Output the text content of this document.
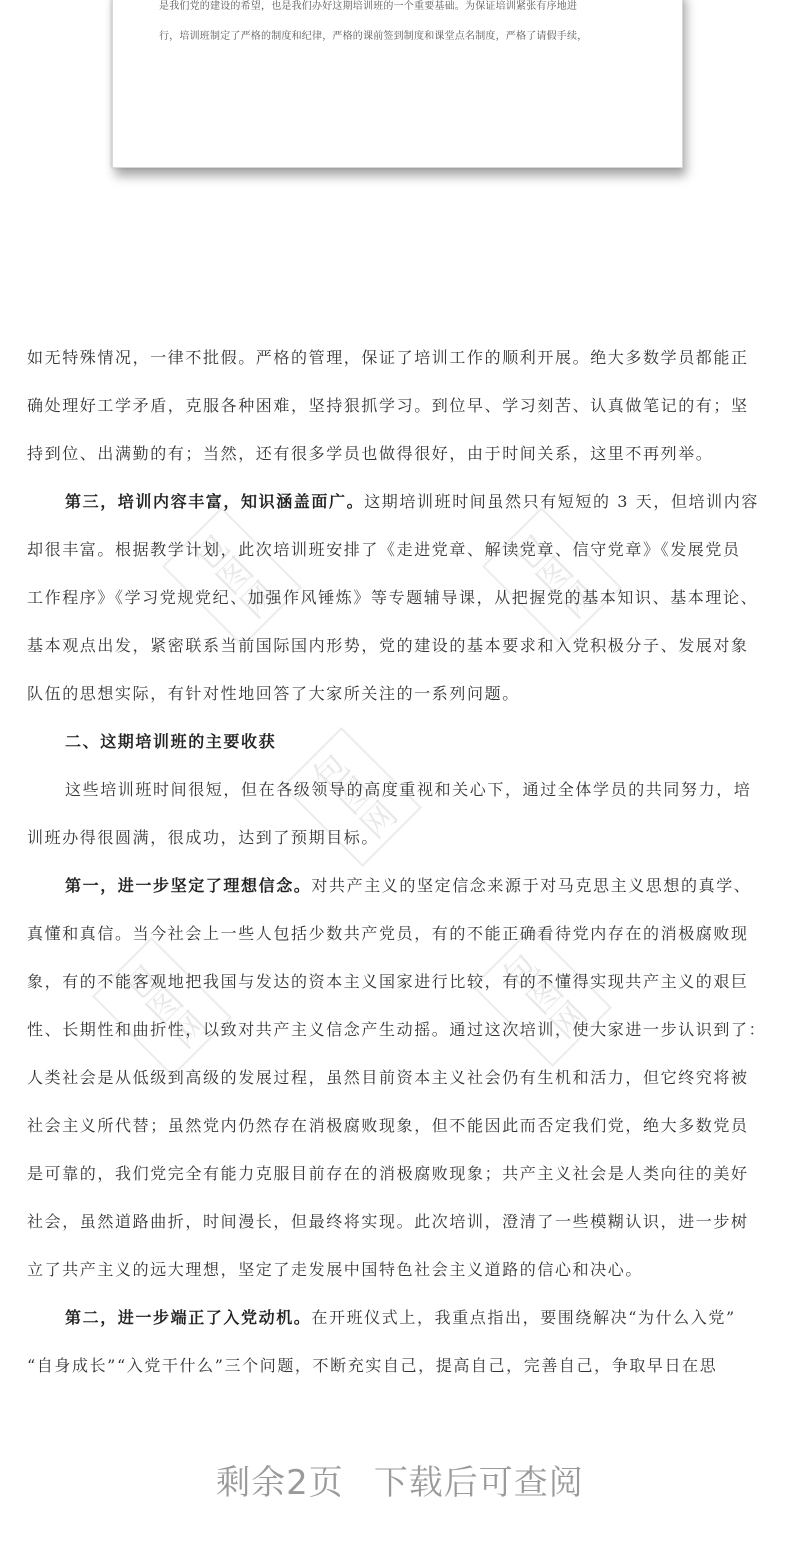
是我们党的建设的希望，也是我们办好这期培训班的一个重要基础。为保证培训紧张有序地进
行，培训班制定了严格的制度和纪律，严格的课前签到制度和课堂点名制度，严格了请假手续，
包图网	包图网
包图网
包图网	包图网
如无特殊情况，一律不批假。严格的管理，保证了培训工作的顺利开展。绝大多数学员都能正
确处理好工学矛盾，克服各种困难，坚持狠抓学习。到位早、学习刻苦、认真做笔记的有；坚
持到位、出满勤的有；当然，还有很多学员也做得很好，由于时间关系，这里不再列举。
第三，培训内容丰富，知识涵盖面广。这期培训班时间虽然只有短短的 3 天，但培训内容
却很丰富。根据教学计划，此次培训班安排了《走进党章、解读党章、信守党章》《发展党员
工作程序》《学习党规党纪、加强作风锤炼》等专题辅导课，从把握党的基本知识、基本理论、
基本观点出发，紧密联系当前国际国内形势，党的建设的基本要求和入党积极分子、发展对象
队伍的思想实际，有针对性地回答了大家所关注的一系列问题。
二、这期培训班的主要收获
这些培训班时间很短，但在各级领导的高度重视和关心下，通过全体学员的共同努力，培
训班办得很圆满，很成功，达到了预期目标。
第一，进一步坚定了理想信念。对共产主义的坚定信念来源于对马克思主义思想的真学、
真懂和真信。当今社会上一些人包括少数共产党员，有的不能正确看待党内存在的消极腐败现
象，有的不能客观地把我国与发达的资本主义国家进行比较，有的不懂得实现共产主义的艰巨
性、长期性和曲折性，以致对共产主义信念产生动摇。通过这次培训，使大家进一步认识到了：
人类社会是从低级到高级的发展过程，虽然目前资本主义社会仍有生机和活力，但它终究将被
社会主义所代替；虽然党内仍然存在消极腐败现象，但不能因此而否定我们党，绝大多数党员
是可靠的，我们党完全有能力克服目前存在的消极腐败现象；共产主义社会是人类向往的美好
社会，虽然道路曲折，时间漫长，但最终将实现。此次培训，澄清了一些模糊认识，进一步树
立了共产主义的远大理想，坚定了走发展中国特色社会主义道路的信心和决心。
第二，进一步端正了入党动机。在开班仪式上，我重点指出，要围绕解决“为什么入党”
“自身成长”“入党干什么”三个问题，不断充实自己，提高自己，完善自己，争取早日在思
剩余2页 下载后可查阅
